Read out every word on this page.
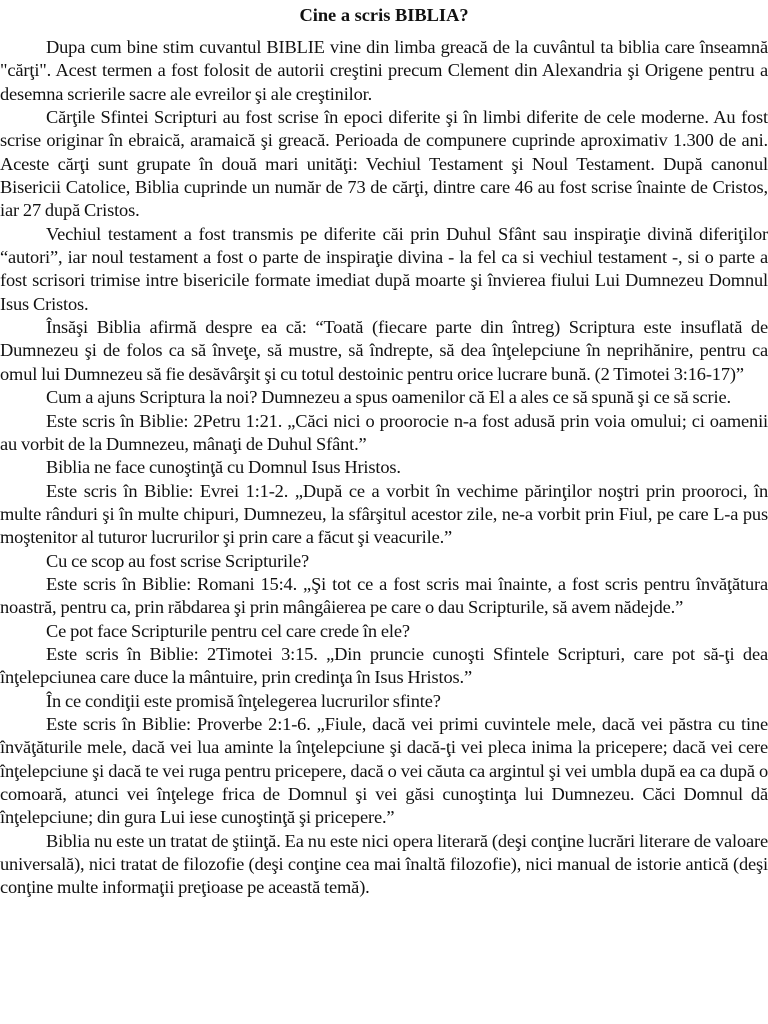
Cine a scris BIBLIA?

Dupa cum bine stim cuvantul BIBLIE vine din limba greacă de la cuvântul ta biblia care înseamnă "cărţi". Acest termen a fost folosit de autorii creştini precum Clement din Alexandria şi Origene pentru a desemna scrierile sacre ale evreilor şi ale creştinilor.

Cărţile Sfintei Scripturi au fost scrise în epoci diferite şi în limbi diferite de cele moderne. Au fost scrise originar în ebraică, aramaică şi greacă. Perioada de compunere cuprinde aproximativ 1.300 de ani. Aceste cărţi sunt grupate în două mari unităţi: Vechiul Testament şi Noul Testament. După canonul Bisericii Catolice, Biblia cuprinde un număr de 73 de cărţi, dintre care 46 au fost scrise înainte de Cristos, iar 27 după Cristos.

Vechiul testament a fost transmis pe diferite căi prin Duhul Sfânt sau inspiraţie divină diferiţilor “autori”, iar noul testament a fost o parte de inspiraţie divina - la fel ca si vechiul testament -, si o parte a fost scrisori trimise intre bisericile formate imediat după moarte şi învierea fiului Lui Dumnezeu Domnul Isus Cristos.

Însăşi Biblia afirmă despre ea că: “Toată (fiecare parte din întreg) Scriptura este insuflată de Dumnezeu şi de folos ca să înveţe, să mustre, să îndrepte, să dea înţelepciune în neprihănire, pentru ca omul lui Dumnezeu să fie desăvârşit şi cu totul destoinic pentru orice lucrare bună. (2 Timotei 3:16-17)”

Cum a ajuns Scriptura la noi? Dumnezeu a spus oamenilor că El a ales ce să spună şi ce să scrie.

Este scris în Biblie: 2Petru 1:21. „Căci nici o proorocie n-a fost adusă prin voia omului; ci oamenii au vorbit de la Dumnezeu, mânaţi de Duhul Sfânt.”

Biblia ne face cunoştinţă cu Domnul Isus Hristos.

Este scris în Biblie: Evrei 1:1-2. „După ce a vorbit în vechime părinţilor noştri prin prooroci, în multe rânduri şi în multe chipuri, Dumnezeu, la sfârşitul acestor zile, ne-a vorbit prin Fiul, pe care L-a pus moştenitor al tuturor lucrurilor şi prin care a făcut şi veacurile.”

Cu ce scop au fost scrise Scripturile?

Este scris în Biblie: Romani 15:4. „Şi tot ce a fost scris mai înainte, a fost scris pentru învăţătura noastră, pentru ca, prin răbdarea şi prin mângâierea pe care o dau Scripturile, să avem nădejde.”

Ce pot face Scripturile pentru cel care crede în ele?

Este scris în Biblie: 2Timotei 3:15. „Din pruncie cunoşti Sfintele Scripturi, care pot să-ţi dea înţelepciunea care duce la mântuire, prin credinţa în Isus Hristos.”

În ce condiţii este promisă înţelegerea lucrurilor sfinte?

Este scris în Biblie: Proverbe 2:1-6. „Fiule, dacă vei primi cuvintele mele, dacă vei păstra cu tine învăţăturile mele, dacă vei lua aminte la înţelepciune şi dacă-ţi vei pleca inima la pricepere; dacă vei cere înţelepciune şi dacă te vei ruga pentru pricepere, dacă o vei căuta ca argintul şi vei umbla după ea ca după o comoară, atunci vei înţelege frica de Domnul şi vei găsi cunoştinţa lui Dumnezeu. Căci Domnul dă înţelepciune; din gura Lui iese cunoştinţă şi pricepere.”

Biblia nu este un tratat de ştiinţă. Ea nu este nici opera literară (deşi conţine lucrări literare de valoare universală), nici tratat de filozofie (deşi conţine cea mai înaltă filozofie), nici manual de istorie antică (deşi conţine multe informaţii preţioase pe această temă).
